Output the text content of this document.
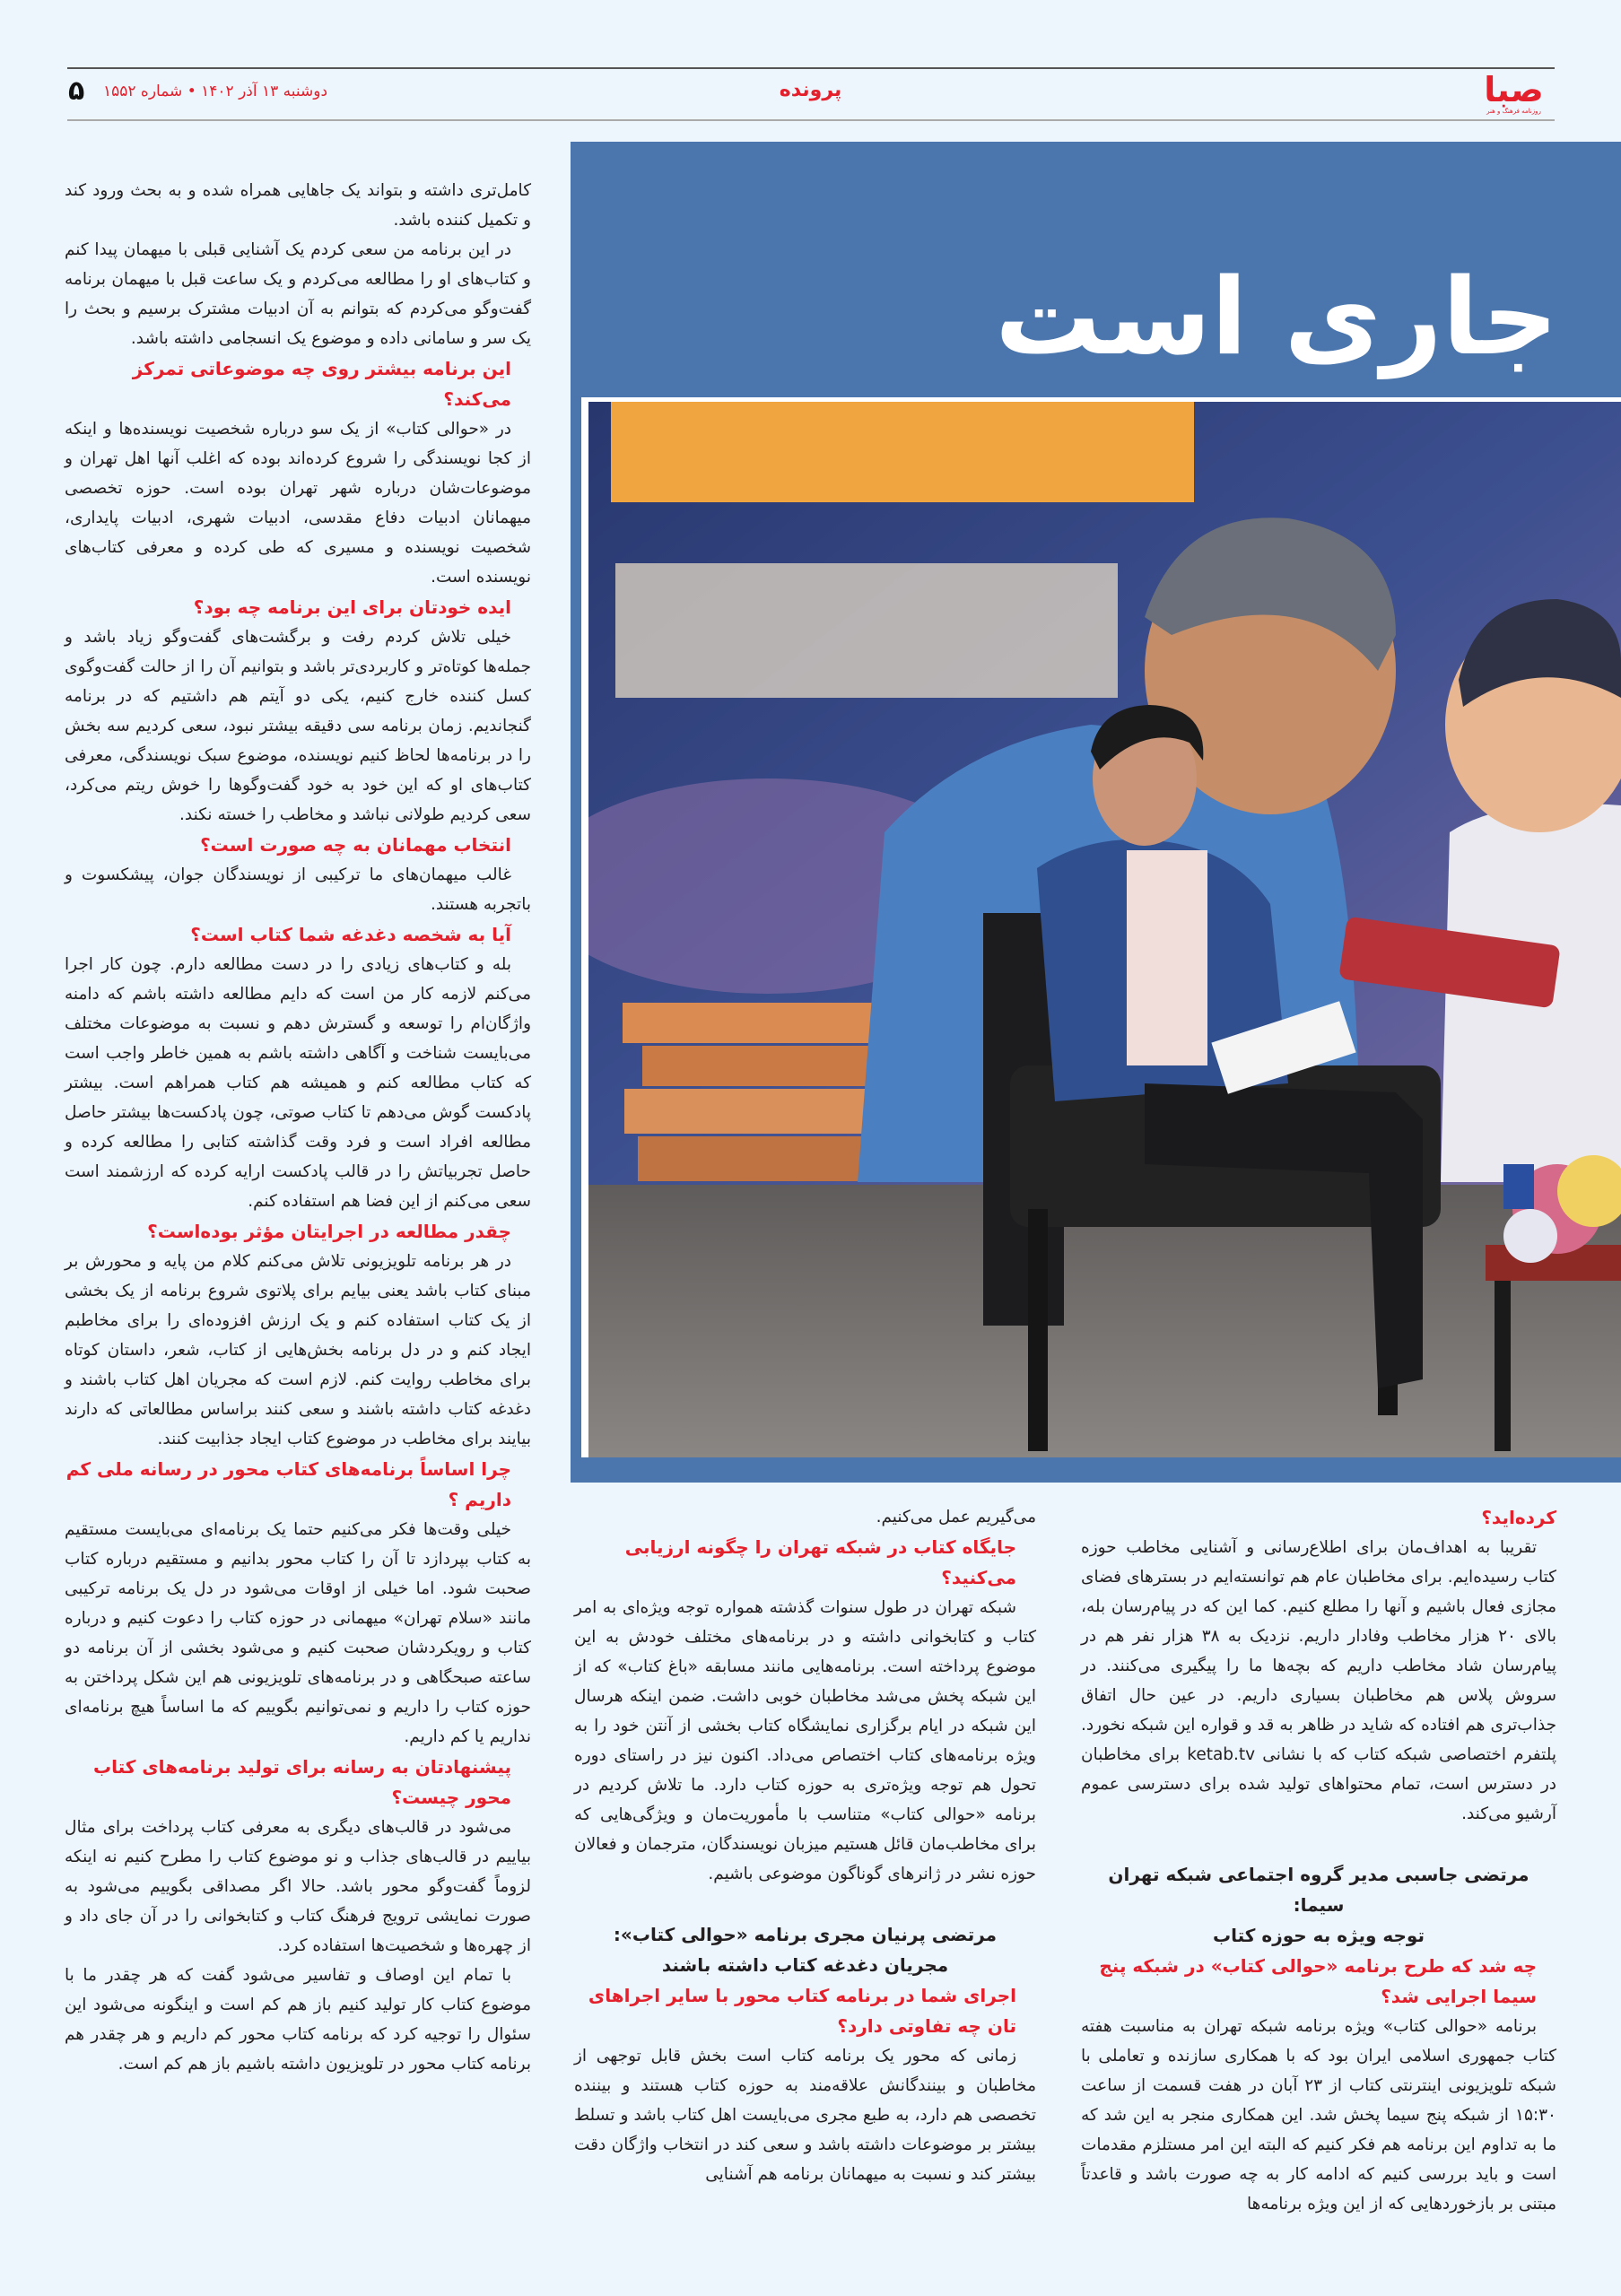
صبا
روزنامه فرهنگ و هنر
پرونده
دوشنبه ۱۳ آذر ۱۴۰۲ • شماره ۱۵۵۲
۵
جاری است

کامل‌تری داشته و بتواند یک جاهایی همراه شده و به بحث ورود کند و تکمیل کننده باشد.

در این برنامه من سعی کردم یک آشنایی قبلی با میهمان پیدا کنم و کتاب‌های او را مطالعه می‌کردم و یک ساعت قبل با میهمان برنامه گفت‌وگو می‌کردم که بتوانم به آن ادبیات مشترک برسیم و بحث را یک سر و سامانی داده و موضوع یک انسجامی داشته باشد.

این برنامه بیشتر روی چه موضوعاتی تمرکز می‌کند؟

در «حوالی کتاب» از یک سو درباره شخصیت نویسنده‌ها و اینکه از کجا نویسندگی را شروع کرده‌اند بوده که اغلب آنها اهل تهران و موضوعات‌شان درباره شهر تهران بوده است. حوزه تخصصی میهمانان ادبیات دفاع مقدسی، ادبیات شهری، ادبیات پایداری، شخصیت نویسنده و مسیری که طی کرده و معرفی کتاب‌های نویسنده است.

ایده خودتان برای این برنامه چه بود؟

خیلی تلاش کردم رفت و برگشت‌های گفت‌وگو زیاد باشد و جمله‌ها کوتاه‌تر و کاربردی‌تر باشد و بتوانیم آن را از حالت گفت‌وگوی کسل کننده خارج کنیم، یکی دو آیتم هم داشتیم که در برنامه گنجاندیم. زمان برنامه سی دقیقه بیشتر نبود، سعی کردیم سه بخش را در برنامه‌ها لحاظ کنیم نویسنده، موضوع سبک نویسندگی، معرفی کتاب‌های او که این خود به خود گفت‌وگوها را خوش ریتم می‌کرد، سعی کردیم طولانی نباشد و مخاطب را خسته نکند.

انتخاب مهمانان به چه صورت است؟

غالب میهمان‌های ما ترکیبی از نویسندگان جوان، پیشکسوت و باتجربه هستند.

آیا به شخصه دغدغه شما کتاب است؟

بله و کتاب‌های زیادی را در دست مطالعه دارم. چون کار اجرا می‌کنم لازمه کار من است که دایم مطالعه داشته باشم که دامنه واژگان‌ام را توسعه و گسترش دهم و نسبت به موضوعات مختلف می‌بایست شناخت و آگاهی داشته باشم به همین خاطر واجب است که کتاب مطالعه کنم و همیشه هم کتاب همراهم است. بیشتر پادکست گوش می‌دهم تا کتاب صوتی، چون پادکست‌ها بیشتر حاصل مطالعه افراد است و فرد وقت گذاشته کتابی را مطالعه کرده و حاصل تجربیاتش را در قالب پادکست ارایه کرده که ارزشمند است سعی می‌کنم از این فضا هم استفاده کنم.

چقدر مطالعه در اجرایتان مؤثر بوده‌است؟

در هر برنامه تلویزیونی تلاش می‌کنم کلام من پایه و محورش بر مبنای کتاب باشد یعنی بیایم برای پلاتوی شروع برنامه از یک بخشی از یک کتاب استفاده کنم و یک ارزش افزوده‌ای را برای مخاطبم ایجاد کنم و در دل برنامه بخش‌هایی از کتاب، شعر، داستان کوتاه برای مخاطب روایت کنم. لازم است که مجریان اهل کتاب باشند و دغدغه کتاب داشته باشند و سعی کنند براساس مطالعاتی که دارند بیایند برای مخاطب در موضوع کتاب ایجاد جذابیت کنند.

چرا اساساً برنامه‌های کتاب محور در رسانه ملی کم داریم ؟

خیلی وقت‌ها فکر می‌کنیم حتما یک برنامه‌ای می‌بایست مستقیم به کتاب بپردازد تا آن را کتاب محور بدانیم و مستقیم درباره کتاب صحبت شود. اما خیلی از اوقات می‌شود در دل یک برنامه ترکیبی مانند «سلام تهران» میهمانی در حوزه کتاب را دعوت کنیم و درباره کتاب و رویکردشان صحبت کنیم و می‌شود بخشی از آن برنامه دو ساعته صبحگاهی و در برنامه‌های تلویزیونی هم این شکل پرداختن به حوزه کتاب را داریم و نمی‌توانیم بگوییم که ما اساساً هیچ برنامه‌ای نداریم یا کم داریم.

پیشنهادتان به رسانه برای تولید برنامه‌های کتاب محور چیست؟

می‌شود در قالب‌های دیگری به معرفی کتاب پرداخت برای مثال بیاییم در قالب‌های جذاب و نو موضوع کتاب را مطرح کنیم نه اینکه لزوماً گفت‌وگو محور باشد. حالا اگر مصداقی بگوییم می‌شود به صورت نمایشی ترویج فرهنگ کتاب و کتابخوانی را در آن جای داد و از چهره‌ها و شخصیت‌ها استفاده کرد.

با تمام این اوصاف و تفاسیر می‌شود گفت که هر چقدر ما با موضوع کتاب کار تولید کنیم باز هم کم است و اینگونه می‌شود این سئوال را توجیه کرد که برنامه کتاب محور کم داریم و هر چقدر هم برنامه کتاب محور در تلویزیون داشته باشیم باز هم کم است.

می‌گیریم عمل می‌کنیم.

جایگاه کتاب در شبکه تهران را چگونه ارزیابی می‌کنید؟

شبکه تهران در طول سنوات گذشته همواره توجه ویژه‌ای به امر کتاب و کتابخوانی داشته و در برنامه‌های مختلف خودش به این موضوع پرداخته است. برنامه‌هایی مانند مسابقه «باغ کتاب» که از این شبکه پخش می‌شد مخاطبان خوبی داشت. ضمن اینکه هرسال این شبکه در ایام برگزاری نمایشگاه کتاب بخشی از آنتن خود را به ویژه برنامه‌های کتاب اختصاص می‌داد. اکنون نیز در راستای دوره تحول هم توجه ویژه‌تری به حوزه کتاب دارد. ما تلاش کردیم در برنامه «حوالی کتاب» متناسب با مأموریت‌مان و ویژگی‌هایی که برای مخاطب‌مان قائل هستیم میزبان نویسندگان، مترجمان و فعالان حوزه نشر در ژانرهای گوناگون موضوعی باشیم.

مرتضی پرنیان مجری برنامه «حوالی کتاب»:
مجریان دغدغه کتاب داشته باشند
اجرای شما در برنامه کتاب محور با سایر اجراهای تان چه تفاوتی دارد؟

زمانی که محور یک برنامه کتاب است بخش قابل توجهی از مخاطبان و بینندگانش علاقه‌مند به حوزه کتاب هستند و بیننده تخصصی هم دارد، به طبع مجری می‌بایست اهل کتاب باشد و تسلط بیشتر بر موضوعات داشته باشد و سعی کند در انتخاب واژگان دقت بیشتر کند و نسبت به میهمانان برنامه هم آشنایی

کرده‌اید؟

تقریبا به اهداف‌مان برای اطلاع‌رسانی و آشنایی مخاطب حوزه کتاب رسیده‌ایم. برای مخاطبان عام هم توانسته‌ایم در بسترهای فضای مجازی فعال باشیم و آنها را مطلع کنیم. کما این که در پیام‌رسان بله، بالای ۲۰ هزار مخاطب وفادار داریم. نزدیک به ۳۸ هزار نفر هم در پیام‌رسان شاد مخاطب داریم که بچه‌ها ما را پیگیری می‌کنند. در سروش پلاس هم مخاطبان بسیاری داریم. در عین حال اتفاق جذاب‌تری هم افتاده که شاید در ظاهر به قد و قواره این شبکه نخورد. پلتفرم اختصاصی شبکه کتاب که با نشانی ketab.tv برای مخاطبان در دسترس است، تمام محتواهای تولید شده برای دسترسی عموم آرشیو می‌کند.

مرتضی جاسبی مدیر گروه اجتماعی شبکه تهران سیما:
توجه ویژه به حوزه کتاب
چه شد که طرح برنامه «حوالی کتاب» در شبکه پنج سیما اجرایی شد؟

برنامه «حوالی کتاب» ویژه برنامه شبکه تهران به مناسبت هفته کتاب جمهوری اسلامی ایران بود که با همکاری سازنده و تعاملی با شبکه تلویزیونی اینترنتی کتاب از ۲۳ آبان در هفت قسمت از ساعت ۱۵:۳۰ از شبکه پنج سیما پخش شد. این همکاری منجر به این شد که ما به تداوم این برنامه هم فکر کنیم که البته این امر مستلزم مقدمات است و باید بررسی کنیم که ادامه کار به چه صورت باشد و قاعدتاً مبتنی بر بازخوردهایی که از این ویژه برنامه‌ها
